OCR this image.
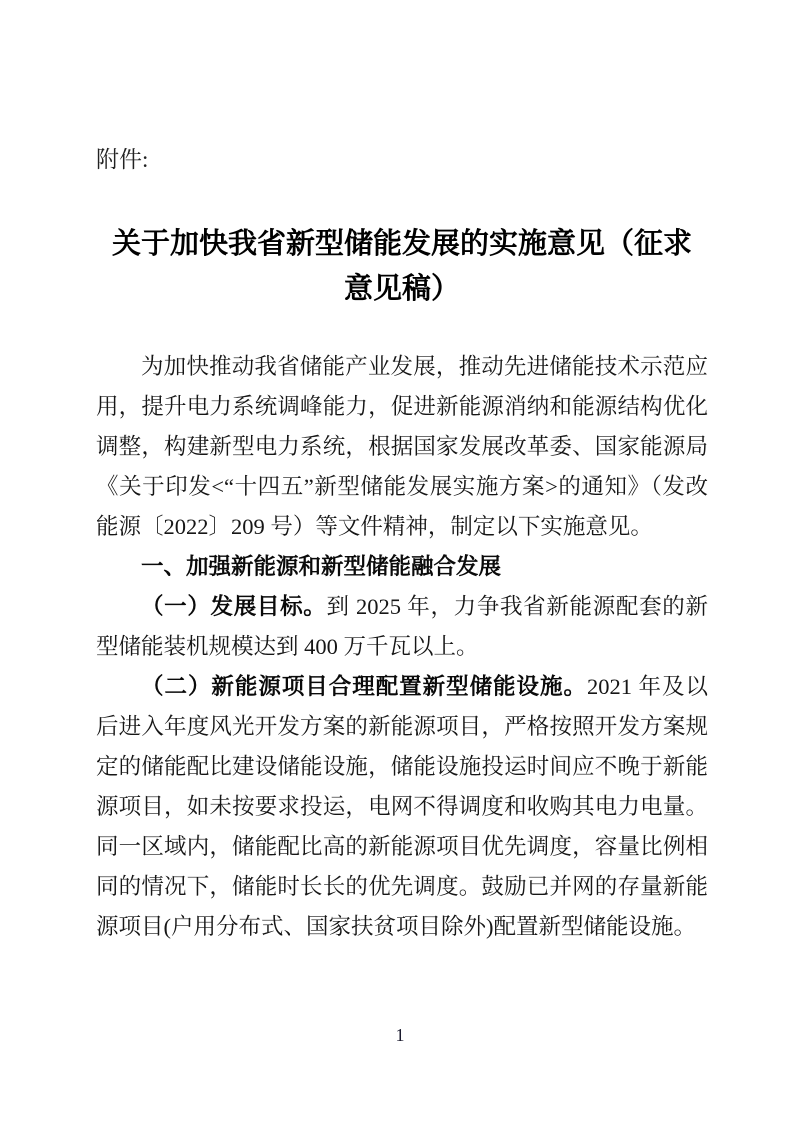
附件:
关于加快我省新型储能发展的实施意见（征求意见稿）

为加快推动我省储能产业发展，推动先进储能技术示范应用，提升电力系统调峰能力，促进新能源消纳和能源结构优化调整，构建新型电力系统，根据国家发展改革委、国家能源局《关于印发<“十四五”新型储能发展实施方案>的通知》（发改能源〔2022〕209 号）等文件精神，制定以下实施意见。

一、加强新能源和新型储能融合发展

（一）发展目标。到 2025 年，力争我省新能源配套的新型储能装机规模达到 400 万千瓦以上。

（二）新能源项目合理配置新型储能设施。2021 年及以后进入年度风光开发方案的新能源项目，严格按照开发方案规定的储能配比建设储能设施，储能设施投运时间应不晚于新能源项目，如未按要求投运，电网不得调度和收购其电力电量。同一区域内，储能配比高的新能源项目优先调度，容量比例相同的情况下，储能时长长的优先调度。鼓励已并网的存量新能源项目(户用分布式、国家扶贫项目除外)配置新型储能设施。

1
